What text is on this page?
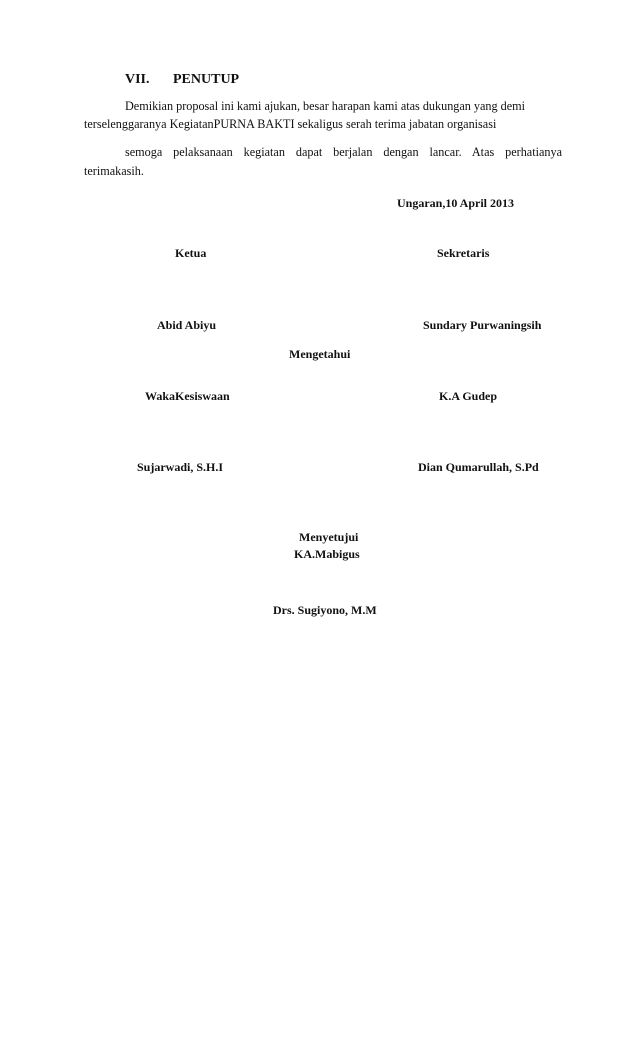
VII. PENUTUP
Demikian proposal ini kami ajukan, besar harapan kami atas dukungan yang demi
terselenggaranya KegiatanPURNA BAKTI sekaligus serah terima jabatan organisasi
semoga pelaksanaan kegiatan dapat berjalan dengan lancar. Atas perhatianya
terimakasih.
Ungaran,10 April 2013
Ketua	Sekretaris
Abid Abiyu	Sundary Purwaningsih
Mengetahui
WakaKesiswaan	K.A Gudep
Sujarwadi, S.H.I	Dian Qumarullah, S.Pd
Menyetujui
KA.Mabigus
Drs. Sugiyono, M.M
